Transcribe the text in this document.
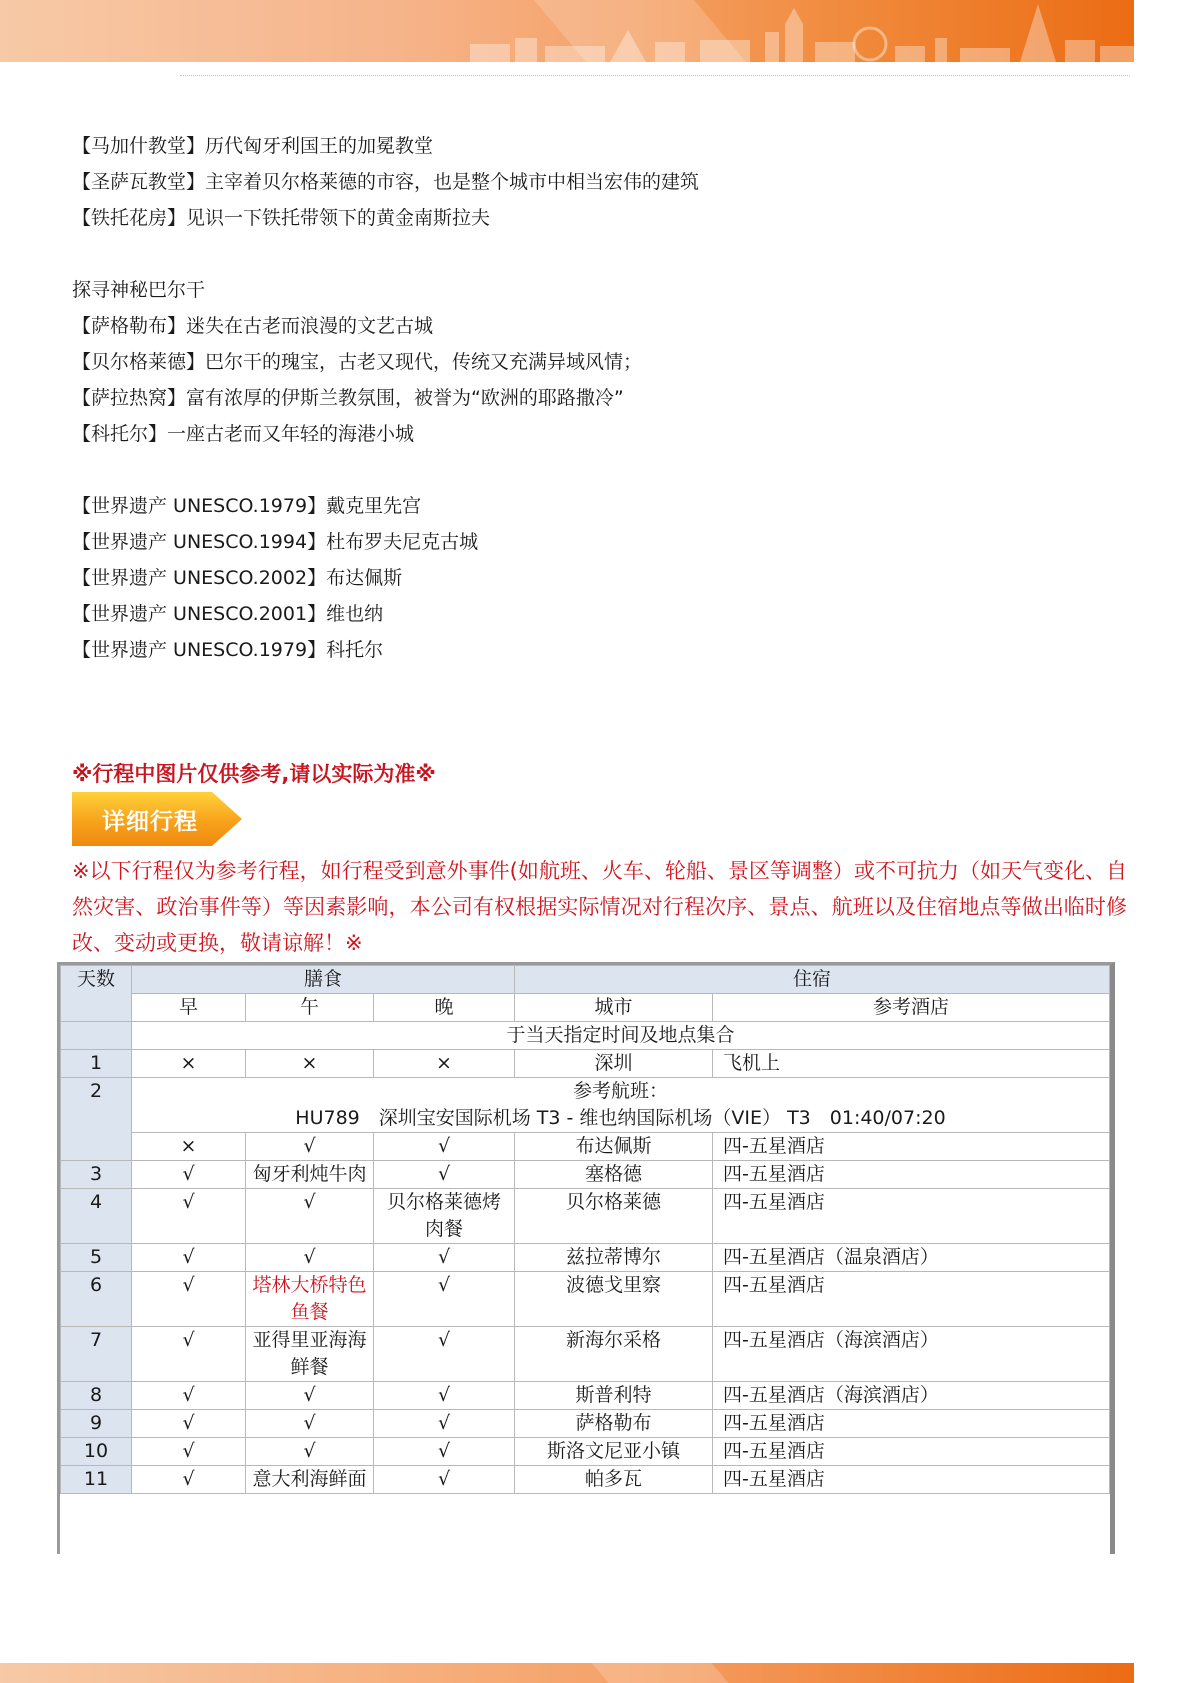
【马加什教堂】历代匈牙利国王的加冕教堂
【圣萨瓦教堂】主宰着贝尔格莱德的市容，也是整个城市中相当宏伟的建筑
【铁托花房】见识一下铁托带领下的黄金南斯拉夫
探寻神秘巴尔干
【萨格勒布】迷失在古老而浪漫的文艺古城
【贝尔格莱德】巴尔干的瑰宝，古老又现代，传统又充满异域风情；
【萨拉热窝】富有浓厚的伊斯兰教氛围，被誉为“欧洲的耶路撒冷”
【科托尔】一座古老而又年轻的海港小城
【世界遗产 UNESCO.1979】戴克里先宫
【世界遗产 UNESCO.1994】杜布罗夫尼克古城
【世界遗产 UNESCO.2002】布达佩斯
【世界遗产 UNESCO.2001】维也纳
【世界遗产 UNESCO.1979】科托尔
※行程中图片仅供参考,请以实际为准※
详细行程
※以下行程仅为参考行程，如行程受到意外事件(如航班、火车、轮船、景区等调整）或不可抗力（如天气变化、自然灾害、政治事件等）等因素影响，本公司有权根据实际情况对行程次序、景点、航班以及住宿地点等做出临时修改、变动或更换，敬请谅解！※
天数	膳食			住宿	
	早	午	晚	城市	参考酒店
	于当天指定时间及地点集合				
1	×	×	×	深圳	飞机上
2	参考航班：
HU789　深圳宝安国际机场 T3 - 维也纳国际机场（VIE） T3　01:40/07:20				

	×	√	√	布达佩斯	四-五星酒店
3	√	匈牙利炖牛肉	√	塞格德	四-五星酒店
4	√	√	贝尔格莱德烤肉餐	贝尔格莱德	四-五星酒店
5	√	√	√	兹拉蒂博尔	四-五星酒店（温泉酒店）
6	√	塔林大桥特色鱼餐	√	波德戈里察	四-五星酒店
7	√	亚得里亚海海鲜餐	√	新海尔采格	四-五星酒店（海滨酒店）
8	√	√	√	斯普利特	四-五星酒店（海滨酒店）
9	√	√	√	萨格勒布	四-五星酒店
10	√	√	√	斯洛文尼亚小镇	四-五星酒店
11	√	意大利海鲜面	√	帕多瓦	四-五星酒店
